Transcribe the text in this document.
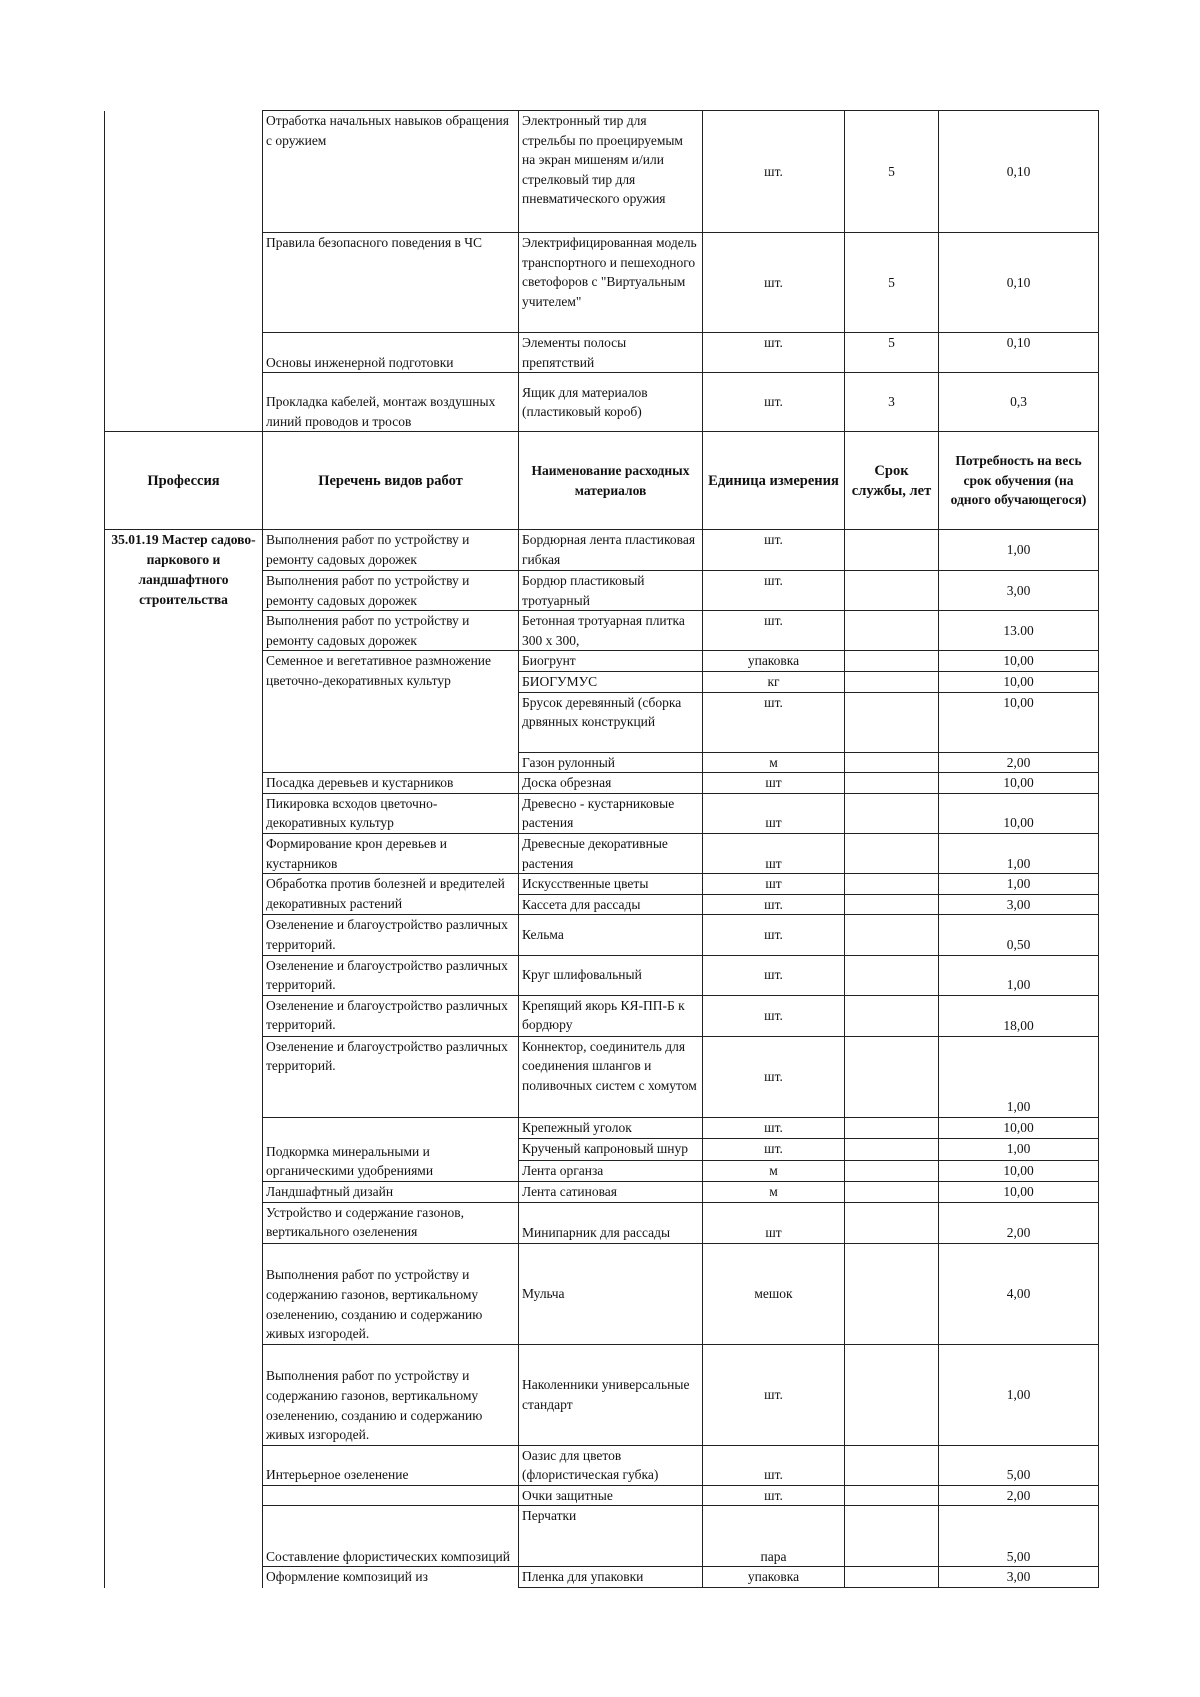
	Отработка начальных навыков обращения с оружием	Электронный тир для стрельбы по проецируемым на экран мишеням и/или стрелковый тир для пневматического оружия	шт.	5	0,10
	Правила безопасного поведения в ЧС	Электрифицированная модель транспортного и пешеходного светофоров с "Виртуальным учителем"	шт.	5	0,10
	Основы инженерной подготовки	Элементы полосы препятствий	шт.	5	0,10
	Прокладка кабелей, монтаж воздушных линий проводов и тросов	Ящик для материалов (пластиковый короб)	шт.	3	0,3
Профессия	Перечень видов работ	Наименование расходных материалов	Единица измерения	Срок службы, лет	Потребность на весь срок обучения (на одного обучающегося)
35.01.19 Мастер садово-паркового и ландшафтного строительства	Выполнения работ по устройству и ремонту садовых дорожек	Бордюрная лента пластиковая гибкая	шт.		1,00
	Выполнения работ по устройству и ремонту садовых дорожек	Бордюр пластиковый тротуарный	шт.		3,00
	Выполнения работ по устройству и ремонту садовых дорожек	Бетонная тротуарная плитка 300 х 300,	шт.		13.00
	Семенное и вегетативное размножение цветочно-декоративных культур	Биогрунт	упаковка		10,00
		БИОГУМУС	кг		10,00
		Брусок деревянный (сборка дрвянных конструкций	шт.		10,00
		Газон рулонный	м		2,00
	Посадка деревьев и кустарников	Доска обрезная	шт		10,00
	Пикировка всходов цветочно-декоративных культур	Древесно - кустарниковые растения	шт		10,00
	Формирование крон деревьев и кустарников	Древесные декоративные растения	шт		1,00
	Обработка против болезней и вредителей декоративных растений	Искусственные цветы	шт		1,00
		Кассета для рассады	шт.		3,00
	Озеленение и благоустройство различных территорий.	Кельма	шт.		0,50
	Озеленение и благоустройство различных территорий.	Круг шлифовальный	шт.		1,00
	Озеленение и благоустройство различных территорий.	Крепящий якорь КЯ-ПП-Б к бордюру	шт.		18,00
	Озеленение и благоустройство различных территорий.	Коннектор, соединитель для соединения шлангов и поливочных систем с хомутом	шт.		1,00
	Подкормка минеральными и органическими удобрениями	Крепежный уголок	шт.		10,00
		Крученый капроновый шнур	шт.		1,00
		Лента органза	м		10,00
	Ландшафтный дизайн	Лента сатиновая	м		10,00
	Устройство и содержание газонов, вертикального озеленения	Минипарник для рассады	шт		2,00
	Выполнения работ по устройству и содержанию газонов, вертикальному озеленению, созданию и содержанию живых изгородей.	Мульча	мешок		4,00
	Выполнения работ по устройству и содержанию газонов, вертикальному озеленению, созданию и содержанию живых изгородей.	Наколенники универсальные стандарт	шт.		1,00
	Интерьерное озеленение	Оазис для цветов (флористическая губка)	шт.		5,00
		Очки защитные	шт.		2,00
	Составление флористических композиций	Перчатки	пара		5,00
	Оформление композиций из	Пленка для упаковки	упаковка		3,00
